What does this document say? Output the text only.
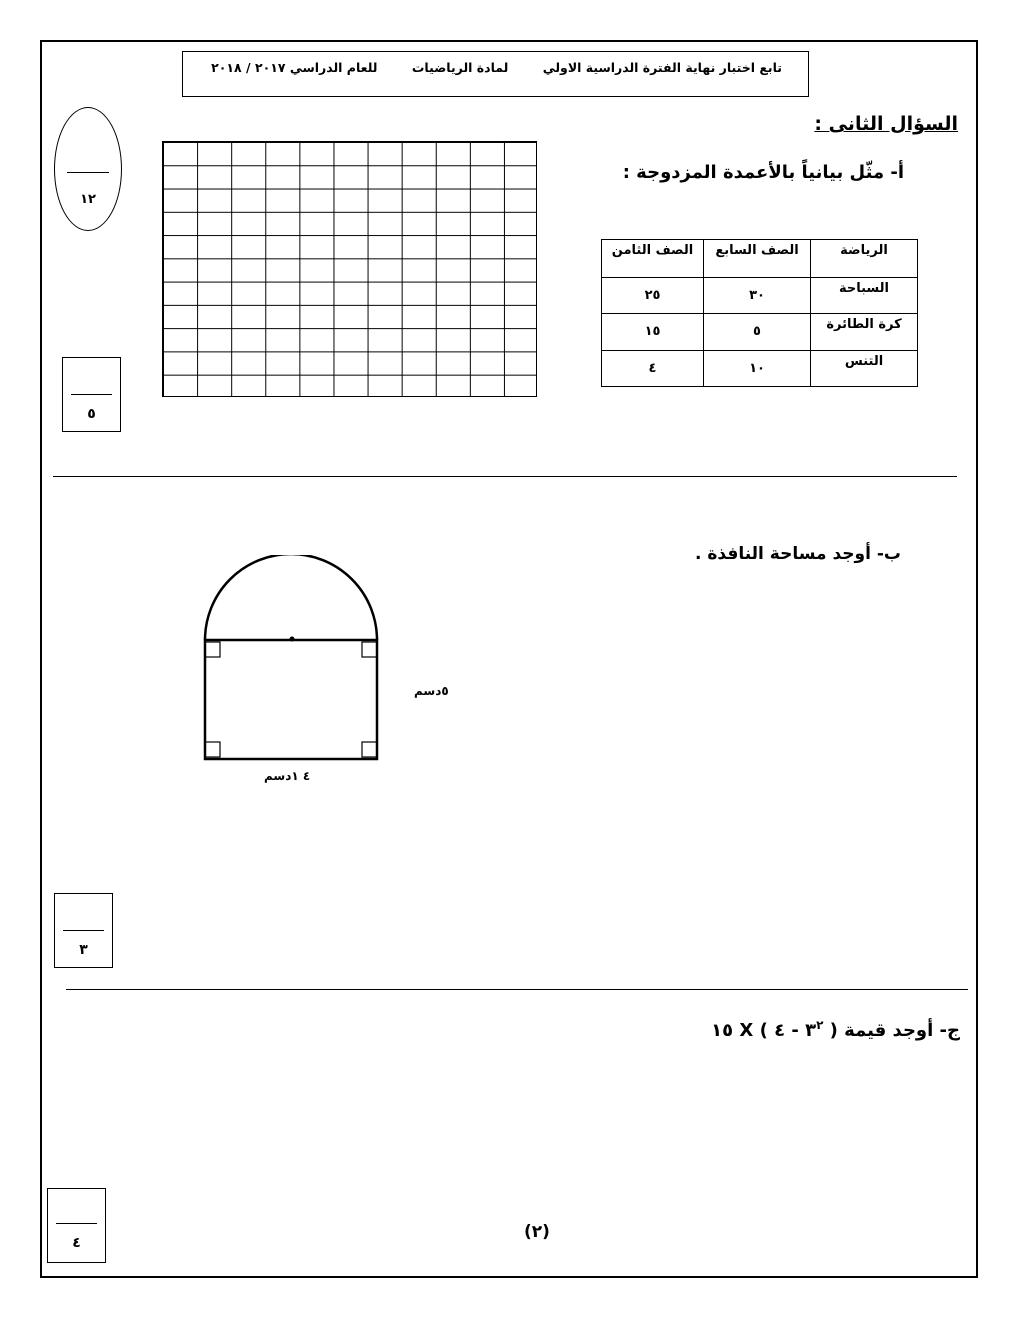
تابع اختبار نهاية الفترة الدراسية الاولي لمادة الرياضيات للعام الدراسي ٢٠١٧ / ٢٠١٨
السؤال الثانى :
١٢
أ- مثّل بيانياً بالأعمدة المزدوجة :
الرياضة	الصف السابع	الصف الثامن
السباحة	٣٠	٢٥
كرة الطائرة	٥	١٥
التنس	١٠	٤
٥
ب- أوجد مساحة النافذة .
٥دسم
٤ ١دسم
٣
ج- أوجد قيمة ( $٣^٢$ - ٤ ) X ١٥
٤
(٢)
